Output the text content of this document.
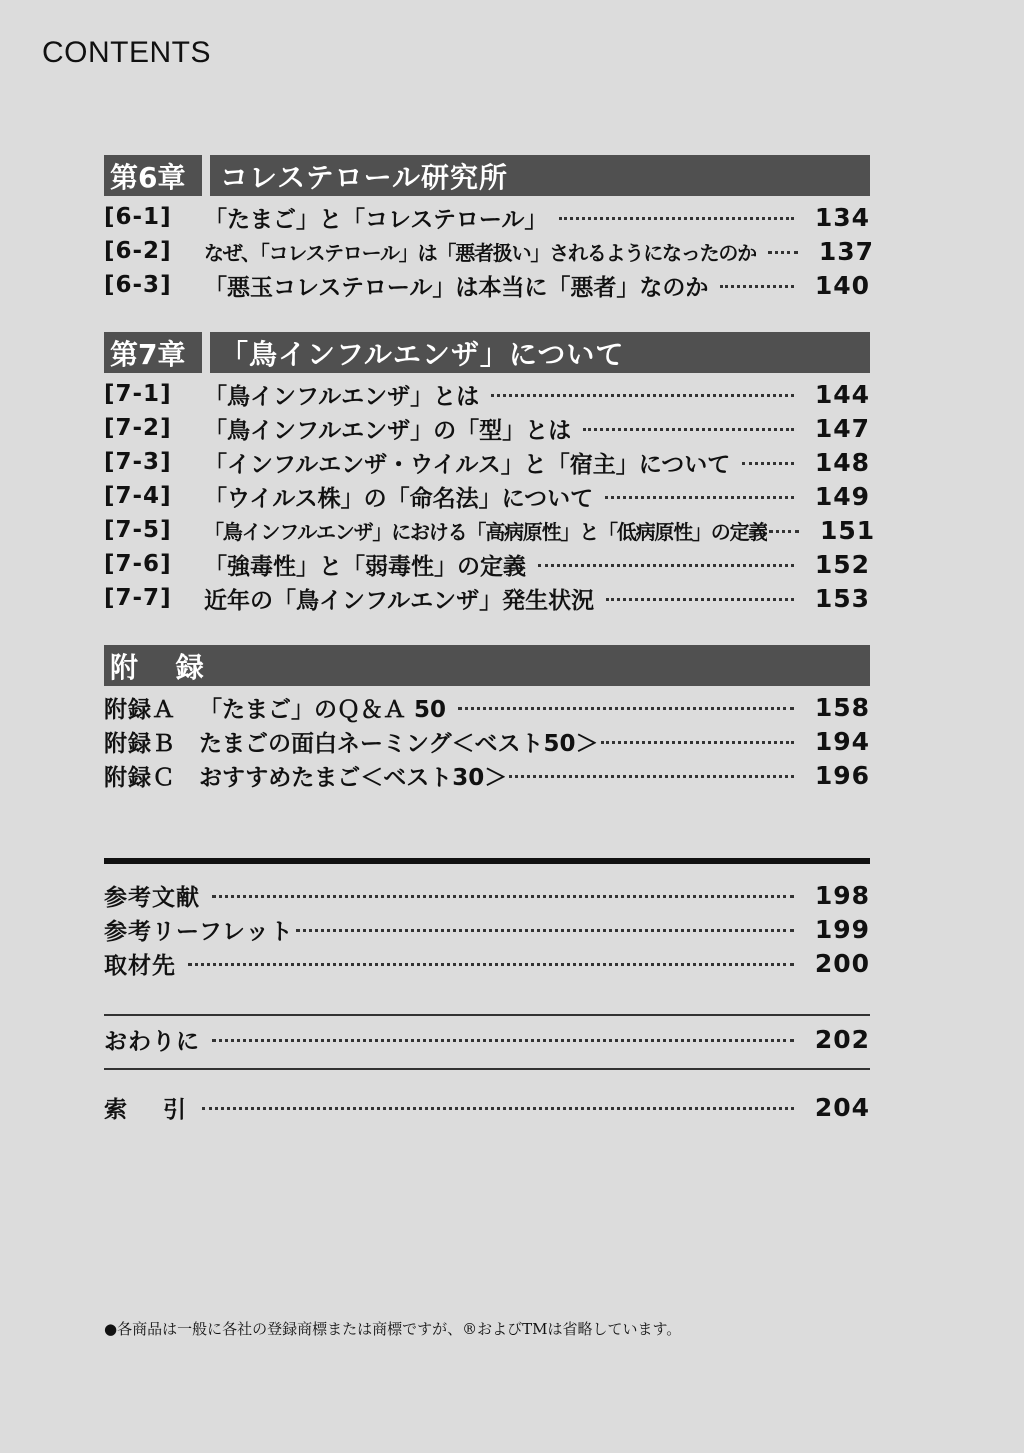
CONTENTS
第6章	コレステロール研究所
[6-1]	「たまご」と「コレステロール」	134
[6-2]	なぜ、「コレステロール」は「悪者扱い」されるようになったのか	137
[6-3]	「悪玉コレステロール」は本当に「悪者」なのか	140
第7章	「鳥インフルエンザ」について
[7-1]	「鳥インフルエンザ」とは	144
[7-2]	「鳥インフルエンザ」の「型」とは	147
[7-3]	「インフルエンザ・ウイルス」と「宿主」について	148
[7-4]	「ウイルス株」の「命名法」について	149
[7-5]	「鳥インフルエンザ」における「高病原性」と「低病原性」の定義 151
[7-6]	「強毒性」と「弱毒性」の定義	152
[7-7]	近年の「鳥インフルエンザ」発生状況	153
附 録
附録Ａ	「たまご」のＱ＆Ａ 50	158
附録Ｂ	たまごの面白ネーミング＜ベスト50＞	194
附録Ｃ	おすすめたまご＜ベスト30＞	196
参考文献	198
参考リーフレット	199
取材先	200
おわりに	202
索 引	204
●各商品は一般に各社の登録商標または商標ですが、®およびTMは省略しています。
